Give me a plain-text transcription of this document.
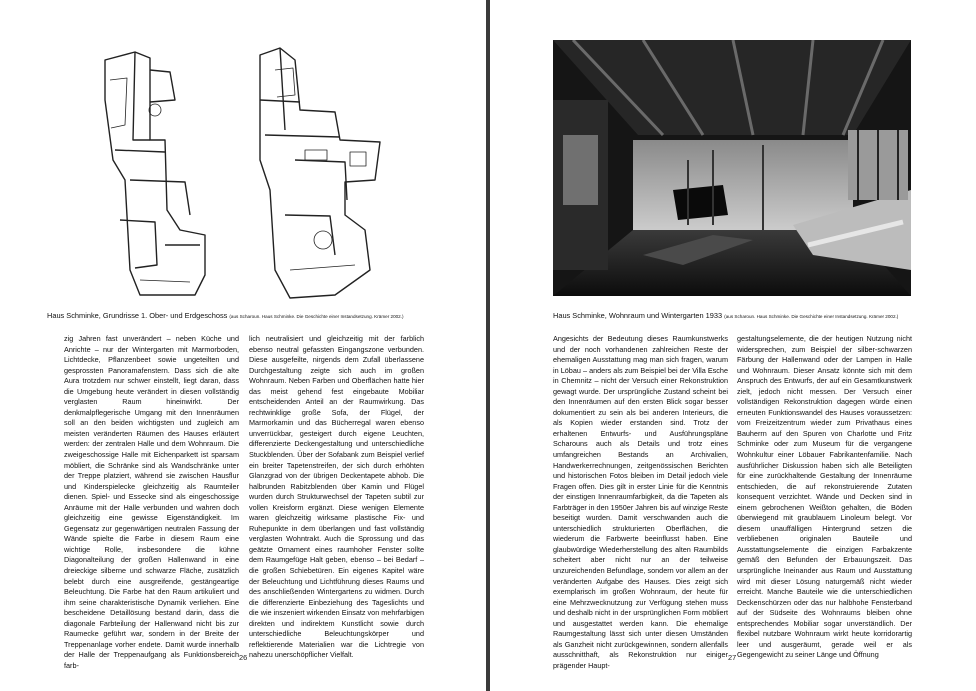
Haus Schminke, Grundrisse 1. Ober- und Erdgeschoss (aus Scharoun. Haus Schminke. Die Geschichte einer Instandsetzung. Krämer 2002.)
zig Jahren fast unverändert – neben Küche und Anrichte – nur der Wintergarten mit Marmorboden, Lichtdecke, Pflanzenbeet sowie ungeteilten und gesprossten Panoramafenstern. Dass sich die alte Aura trotzdem nur schwer einstellt, liegt daran, dass die Umgebung heute verändert in diesen vollständig verglasten Raum hineinwirkt. Der denkmalpflegerische Umgang mit den Innenräumen soll an den beiden wichtigsten und zugleich am meisten veränderten Räumen des Hauses erläutert werden: der zentralen Halle und dem Wohnraum. Die zweigeschossige Halle mit Eichenparkett ist sparsam möbliert, die Schränke sind als Wandschränke unter der Treppe platziert, während sie zwischen Hausflur und Kinderspielecke gleichzeitig als Raumteiler dienen. Spiel- und Essecke sind als eingeschossige Anräume mit der Halle verbunden und wahren doch gleichzeitig eine gewisse Eigenständigkeit. Im Gegensatz zur gegenwärtigen neutralen Fassung der Wände spielte die Farbe in diesem Raum eine wichtige Rolle, insbesondere die kühne Diagonalteilung der großen Hallenwand in eine dreieckige silberne und schwarze Fläche, zusätzlich belebt durch eine ausgreifende, gestängeartige Beleuchtung. Die Farbe hat den Raum artikuliert und ihm seine charakteristische Dynamik verliehen. Eine bescheidene Detaillösung bestand darin, dass die diagonale Farbteilung der Hallenwand nicht bis zur Raumecke geführt war, sondern in der Breite der Treppenanlage vorher endete. Damit wurde innerhalb der Halle der Treppenaufgang als Funktionsbereich farb-
lich neutralisiert und gleichzeitig mit der farblich ebenso neutral gefassten Eingangszone verbunden. Diese ausgefeilte, nirgends dem Zufall überlassene Durchgestaltung zeigte sich auch im großen Wohnraum. Neben Farben und Oberflächen hatte hier das meist gehend fest eingebaute Mobiliar entscheidenden Anteil an der Raumwirkung. Das rechtwinklige große Sofa, der Flügel, der Marmorkamin und das Bücherregal waren ebenso unverrückbar, gesteigert durch eigene Leuchten, differenzierte Deckengestaltung und unterschiedliche Stuckblenden. Über der Sofabank zum Beispiel verlief ein breiter Tapetenstreifen, der sich durch erhöhten Glanzgrad von der übrigen Deckentapete abhob. Die halbrunden Rabitzblenden über Kamin und Flügel wurden durch Strukturwechsel der Tapeten subtil zur vollen Kreisform ergänzt. Diese wenigen Elemente waren gleichzeitig wirksame plastische Fix- und Ruhepunkte in dem überlangen und fast vollständig verglasten Wohntrakt. Auch die Sprossung und das geätzte Ornament eines raumhoher Fenster sollte dem Raumgefüge Halt geben, ebenso – bei Bedarf – die großen Schiebetüren. Ein eigenes Kapitel wäre der Beleuchtung und Lichtführung dieses Raums und des anschließenden Wintergartens zu widmen. Durch die differenzierte Einbeziehung des Tageslichts und die wie inszeniert wirkenden Einsatz von mehrfarbigen direkten und indirektem Kunstlicht sowie durch unterschiedliche Beleuchtungskörper und reflektierende Materialien war die Lichtregie von nahezu unerschöpflicher Vielfalt.
26
Haus Schminke, Wohnraum und Wintergarten 1933 (aus Scharoun. Haus Schminke. Die Geschichte einer Instandsetzung. Krämer 2002.)
Angesichts der Bedeutung dieses Raumkunstwerks und der noch vorhandenen zahlreichen Reste der ehemaligen Ausstattung mag man sich fragen, warum in Löbau – anders als zum Beispiel bei der Villa Esche in Chemnitz – nicht der Versuch einer Rekonstruktion gewagt wurde. Der ursprüngliche Zustand scheint bei den Innenräumen auf den ersten Blick sogar besser dokumentiert zu sein als bei anderen Interieurs, die als Kopien wieder erstanden sind. Trotz der erhaltenen Entwurfs- und Ausführungspläne Scharouns auch als Details und trotz eines umfangreichen Bestands an Archivalien, Handwerkerrechnungen, zeitgenössischen Berichten und historischen Fotos bleiben im Detail jedoch viele Fragen offen. Dies gilt in erster Linie für die Kenntnis der einstigen Innenraumfarbigkeit, da die Tapeten als Farbträger in den 1950er Jahren bis auf winzige Reste beseitigt wurden. Damit verschwanden auch die unterschiedlich strukturierten Oberflächen, die wiederum die Farbwerte beeinflusst haben. Eine glaubwürdige Wiederherstellung des alten Raumbilds scheitert aber nicht nur an der teilweise unzureichenden Befundlage, sondern vor allem an der veränderten Aufgabe des Hauses. Dies zeigt sich exemplarisch im großen Wohnraum, der heute für eine Mehrzwecknutzung zur Verfügung stehen muss und deshalb nicht in der ursprünglichen Form möbliert und ausgestattet werden kann. Die ehemalige Raumgestaltung lässt sich unter diesen Umständen als Ganzheit nicht zurückgewinnen, sondern allenfalls ausschnitthaft, als Rekonstruktion nur einiger prägender Haupt-
gestaltungselemente, die der heutigen Nutzung nicht widersprechen, zum Beispiel der silber-schwarzen Färbung der Hallenwand oder der Lampen in Halle und Wohnraum. Dieser Ansatz könnte sich mit dem Anspruch des Entwurfs, der auf ein Gesamtkunstwerk zielt, jedoch nicht messen. Der Versuch einer vollständigen Rekonstruktion dagegen würde einen erneuten Funktionswandel des Hauses voraussetzen: vom Freizeitzentrum wieder zum Privathaus eines Bauherrn auf den Spuren von Charlotte und Fritz Schminke oder zum Museum für die vergangene Wohnkultur einer Löbauer Fabrikantenfamilie. Nach ausführlicher Diskussion haben sich alle Beteiligten für eine zurückhaltende Gestaltung der Innenräume entschieden, die auf rekonstruierende Zutaten konsequent verzichtet. Wände und Decken sind in einem gebrochenen Weißton gehalten, die Böden überwiegend mit graublauem Linoleum belegt. Vor diesem unauffälligen Hintergrund setzen die verbliebenen originalen Bauteile und Ausstattungselemente die einzigen Farbakzente gemäß den Befunden der Erbauungszeit. Das ursprüngliche Ineinander aus Raum und Ausstattung wird mit dieser Lösung naturgemäß nicht wieder erreicht. Manche Bauteile wie die unterschiedlichen Deckenschürzen oder das nur halbhohe Fensterband auf der Südseite des Wohnraums bleiben ohne entsprechendes Mobiliar sogar unverständlich. Der flexibel nutzbare Wohnraum wirkt heute korridorartig leer und ausgeräumt, gerade weil er als Gegengewicht zu seiner Länge und Öffnung
27
